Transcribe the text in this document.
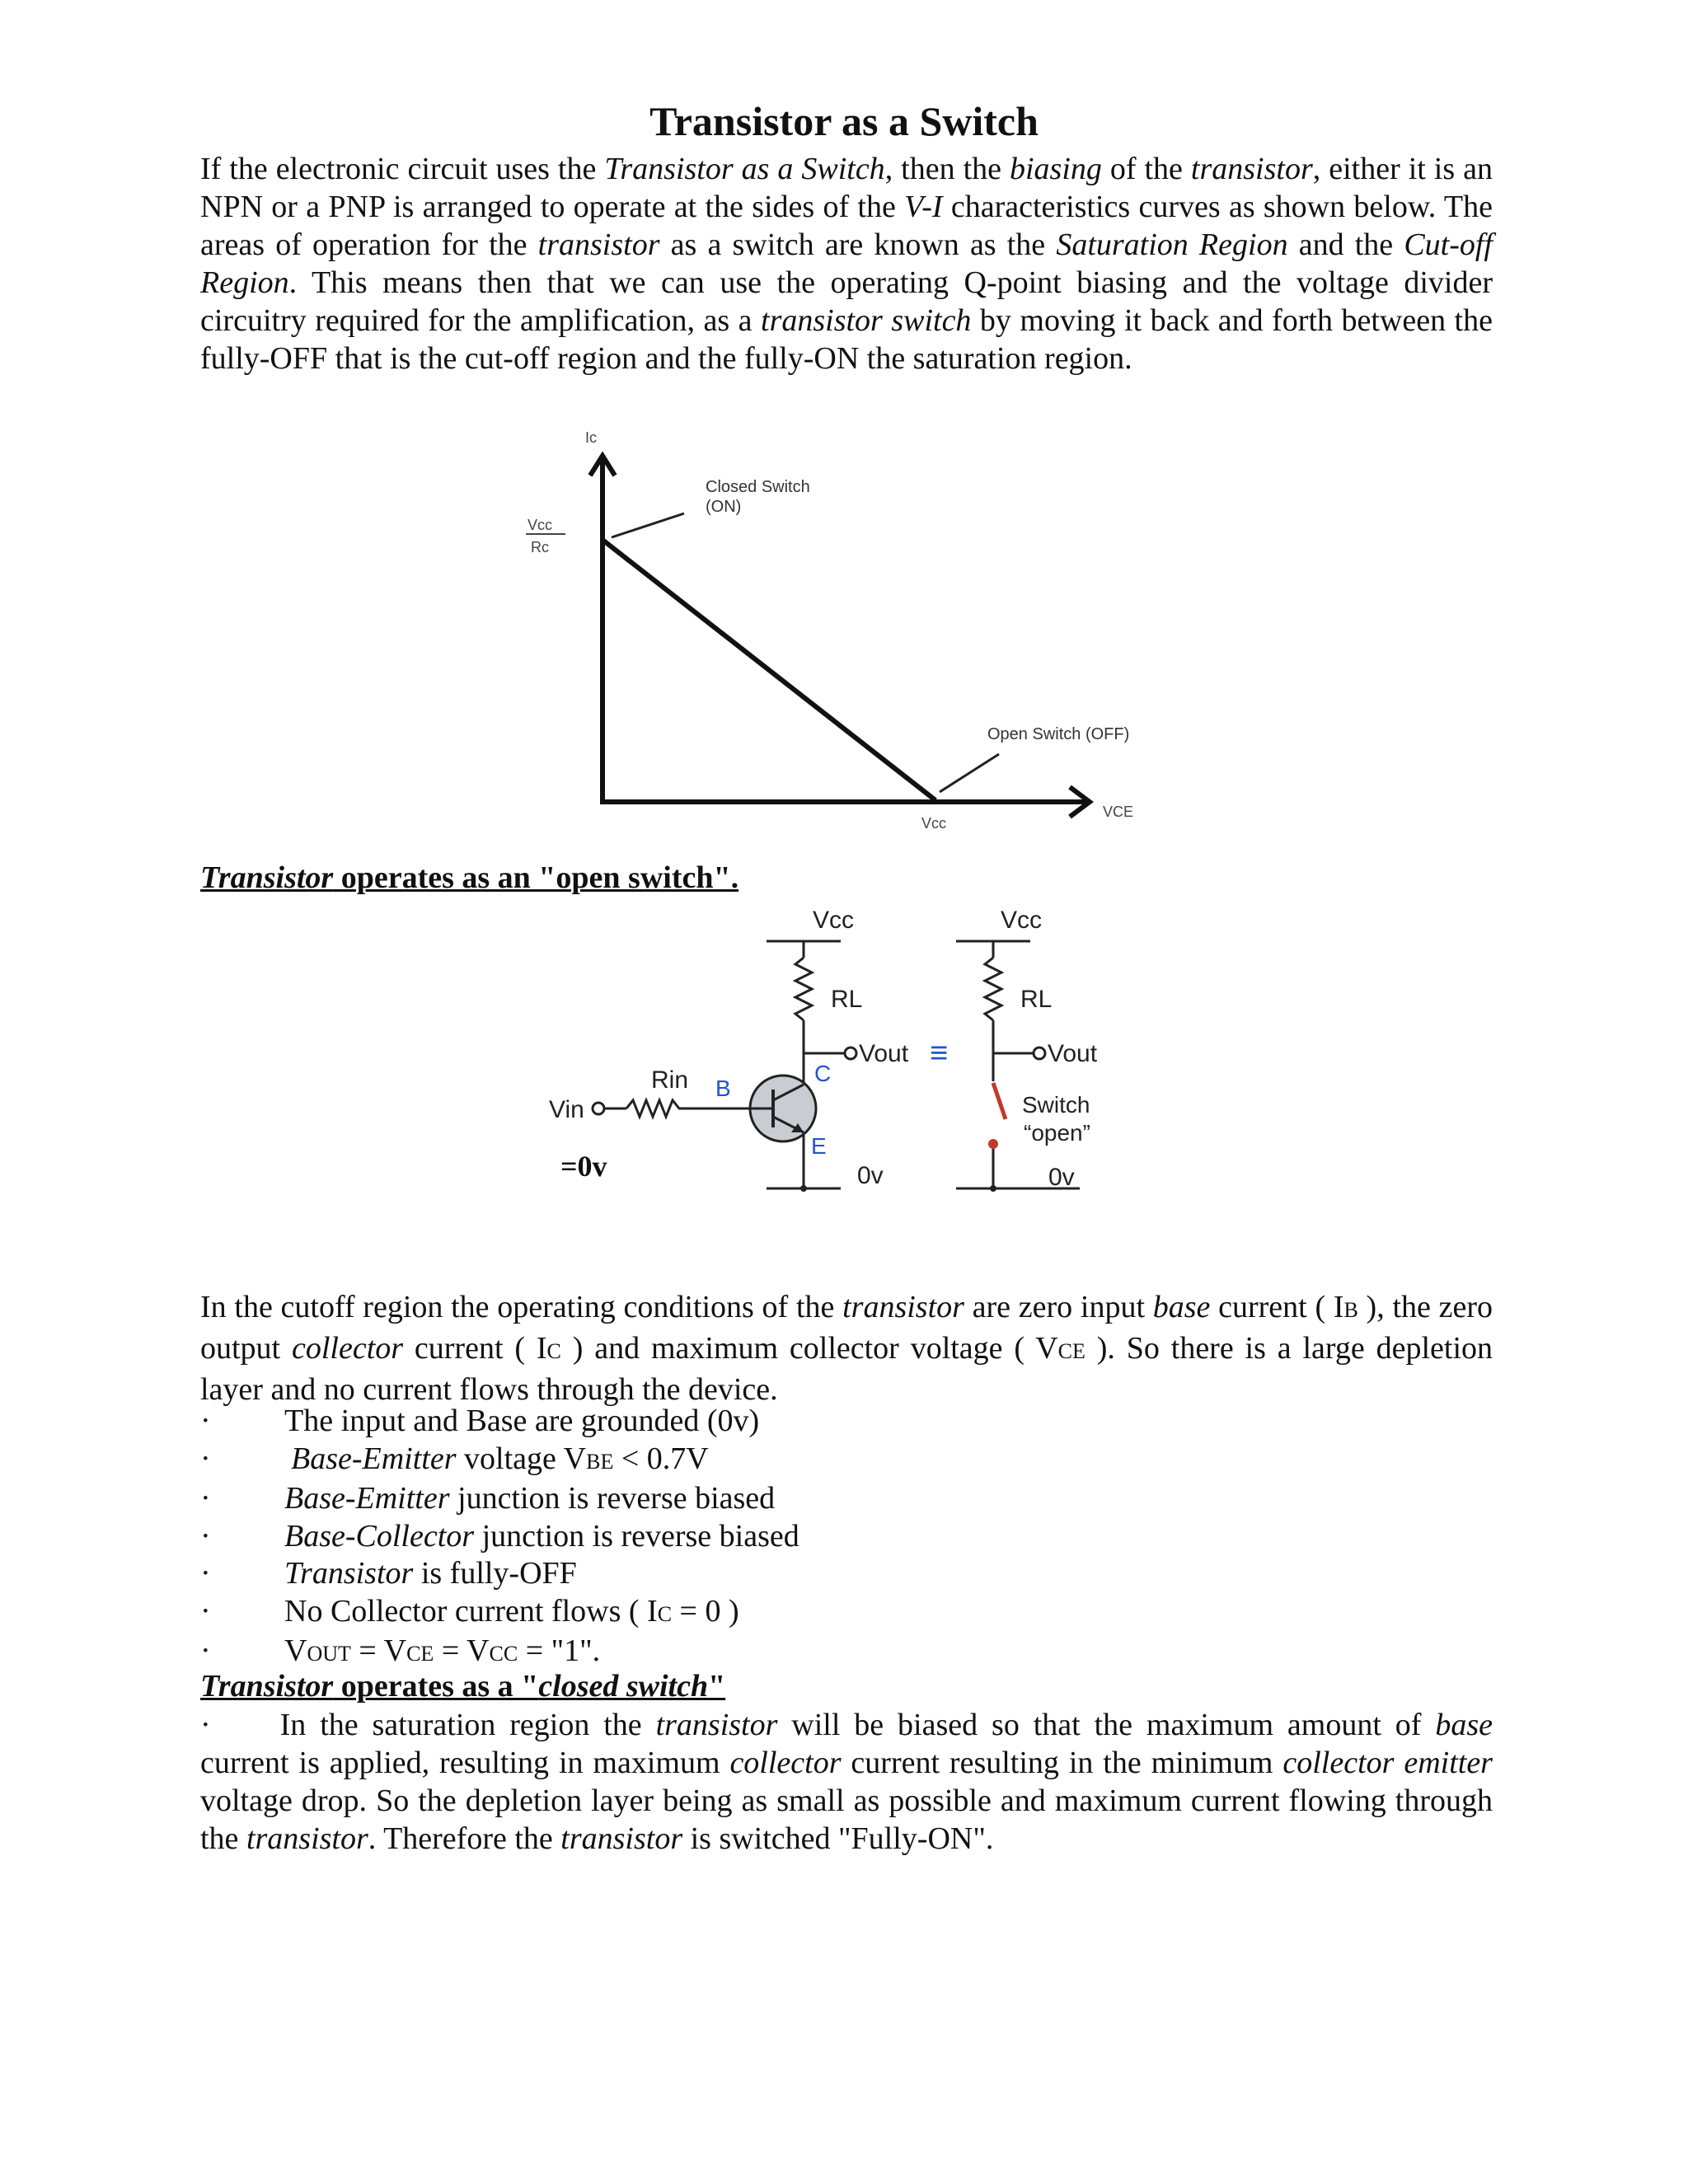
Transistor as a Switch

If the electronic circuit uses the Transistor as a Switch, then the biasing of the transistor, either it is an NPN or a PNP is arranged to operate at the sides of the V-I characteristics curves as shown below. The areas of operation for the transistor as a switch are known as the Saturation Region and the Cut-off Region. This means then that we can use the operating Q-point biasing and the voltage divider circuitry required for the amplification, as a transistor switch by moving it back and forth between the fully-OFF that is the cut-off region and the fully-ON the saturation region.

Ic
Vcc
Rc
Closed Switch
(ON)
Open Switch (OFF)
Vcc
VCE
Transistor operates as an "open switch".
Vcc
RL
Vout ≡
0v
C
E
B
Rin
Vin
Vcc
RL
Vout
Switch
“open”
0v
=0v

In the cutoff region the operating conditions of the transistor are zero input base current ( IB ), the zero output collector current ( IC ) and maximum collector voltage ( VCE ). So there is a large depletion layer and no current flows through the device.

· The input and Base are grounded (0v)
·	Base-Emitter voltage VBE < 0.7V
· Base-Emitter junction is reverse biased
· Base-Collector junction is reverse biased
· Transistor is fully-OFF
· No Collector current flows ( IC = 0 )
· VOUT = VCE = VCC = "1".
Transistor operates as a "closed switch"

· In the saturation region the transistor will be biased so that the maximum amount of base current is applied, resulting in maximum collector current resulting in the minimum collector emitter voltage drop. So the depletion layer being as small as possible and maximum current flowing through the transistor. Therefore the transistor is switched "Fully-ON".
